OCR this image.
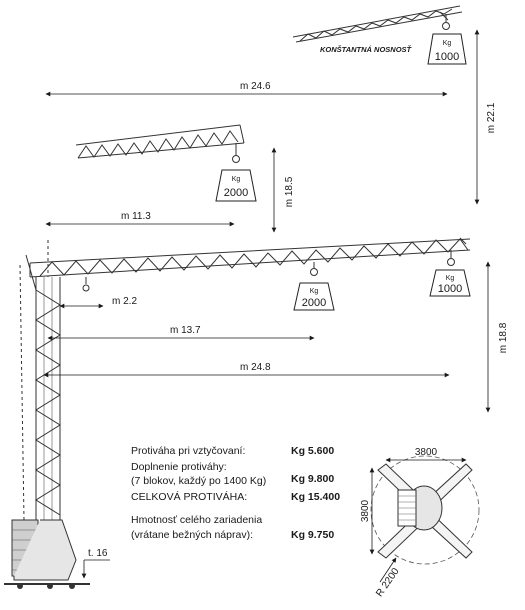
Kg
1000
KONŠTANTNÁ NOSNOSŤ
m 24.6
m 22.1
Kg
2000
m 11.3
m 18.5
m 2.2
Kg
2000
m 13.7
Kg
1000
m 24.8
m 18.8
t. 16
Protiváha pri vztyčovaní:	Kg 5.600
Doplnenie protiváhy:
(7 blokov, každý po 1400 Kg) Kg 9.800
CELKOVÁ PROTIVÁHA:	Kg 15.400
Hmotnosť celého zariadenia
(vrátane bežných náprav):	Kg 9.750
3800
3800
R 2200
